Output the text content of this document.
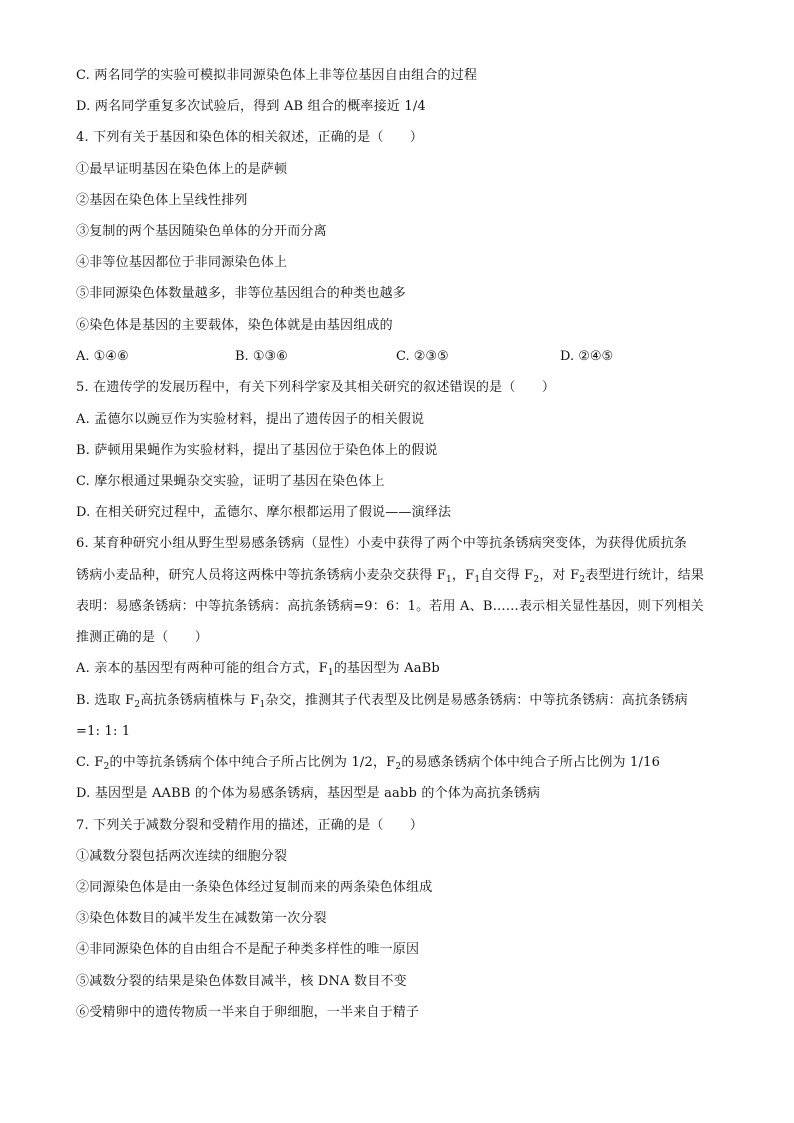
C. 两名同学的实验可模拟非同源染色体上非等位基因自由组合的过程
D. 两名同学重复多次试验后，得到 AB 组合的概率接近 1/4
4. 下列有关于基因和染色体的相关叙述，正确的是（　　）
①最早证明基因在染色体上的是萨顿
②基因在染色体上呈线性排列
③复制的两个基因随染色单体的分开而分离
④非等位基因都位于非同源染色体上
⑤非同源染色体数量越多，非等位基因组合的种类也越多
⑥染色体是基因的主要载体，染色体就是由基因组成的
A. ①④⑥	B. ①③⑥	C. ②③⑤	D. ②④⑤
5. 在遗传学的发展历程中，有关下列科学家及其相关研究的叙述错误的是（　　）
A. 孟德尔以豌豆作为实验材料，提出了遗传因子的相关假说
B. 萨顿用果蝇作为实验材料，提出了基因位于染色体上的假说
C. 摩尔根通过果蝇杂交实验，证明了基因在染色体上
D. 在相关研究过程中，孟德尔、摩尔根都运用了假说——演绎法
6. 某育种研究小组从野生型易感条锈病（显性）小麦中获得了两个中等抗条锈病突变体，为获得优质抗条
锈病小麦品种，研究人员将这两株中等抗条锈病小麦杂交获得 $F_1$，$F_1$自交得 $F_2$，对 $F_2$表型进行统计，结果
表明：易感条锈病：中等抗条锈病：高抗条锈病=9：6：1。若用 A、B……表示相关显性基因，则下列相关
推测正确的是（　　）
A. 亲本的基因型有两种可能的组合方式，$F_1$的基因型为 AaBb
B. 选取 $F_2$高抗条锈病植株与 $F_1$杂交，推测其子代表型及比例是易感条锈病：中等抗条锈病：高抗条锈病
=1: 1: 1
C. $F_2$的中等抗条锈病个体中纯合子所占比例为 1/2，$F_2$的易感条锈病个体中纯合子所占比例为 1/16
D. 基因型是 AABB 的个体为易感条锈病，基因型是 aabb 的个体为高抗条锈病
7. 下列关于减数分裂和受精作用的描述，正确的是（　　）
①减数分裂包括两次连续的细胞分裂
②同源染色体是由一条染色体经过复制而来的两条染色体组成
③染色体数目的减半发生在减数第一次分裂
④非同源染色体的自由组合不是配子种类多样性的唯一原因
⑤减数分裂的结果是染色体数目减半，核 DNA 数目不变
⑥受精卵中的遗传物质一半来自于卵细胞，一半来自于精子
